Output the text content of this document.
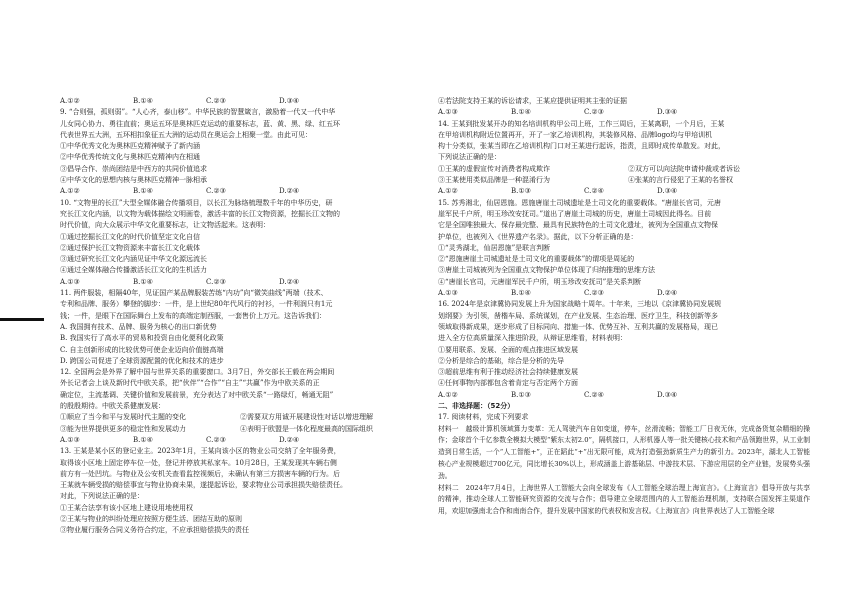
A.①②	B.①④	C.②③	D.③④
9. “合则强，孤则弱”。“人心齐，泰山移”。中华民族的智慧箴言，激励着一代又一代中华
儿女同心协力、勇往直前；奥运五环是奥林匹克运动的重要标志，蓝、黄、黑、绿、红五环
代表世界五大洲，五环相扣象征五大洲的运动员在奥运会上相聚一堂。由此可见：
①中华优秀文化为奥林匹克精神赋予了新内涵
②中华优秀传统文化与奥林匹克精神内在相通
③倡导合作、崇尚团结是中西方的共同价值追求
④中华文化的思想内核与奥林匹克精神一脉相承
A.①②	B.①④	C.②③	D.②④
10. “文物里的长江”大型全媒体融合传播项目，以长江为脉络梳理数千年的中华历史，研
究长江文化内涵，以文物为载体描绘文明画卷，激活丰富的长江文物资源，挖掘长江文物的
时代价值，向大众展示中华文化重要标志，让文物活起来。这表明：
①通过挖掘长江文化的时代价值坚定文化自信
②通过保护长江文物资源来丰富长江文化载体
③通过研究长江文化内涵见证中华文化源远流长
④通过全媒体融合传播激活长江文化的生机活力
A.①③	B.①④	C.②③	D.②④
11. 两件服装，相隔40年，见证国产某品牌服装苦练“内功”向“微笑曲线”两端（技术、
专利和品牌、服务）攀登的脚步：一件，是上世纪80年代风行的衬衫，一件利润只有1元
钱；一件，是眼下在国际舞台上发布的高端定制西服，一套售价上万元。这告诉我们：
A. 我国拥有技术、品牌、服务为核心的出口新优势
B. 我国实行了高水平的贸易和投资自由化便利化政策
C. 自主创新形成的比较优势可使企业迈向价值链高端
D. 跨国公司促进了全球资源配置的优化和技术的进步
12. 全国两会是外界了解中国与世界关系的重要窗口。3月7日，外交部长王毅在两会期间
外长记者会上谈及新时代中欧关系，把“伙伴”“合作”“自主”“共赢”作为中欧关系的正
确定位，主流基调、关键价值和发展前景，充分表达了对中欧关系“一路绿灯，畅通无阻”
的殷殷期待。中欧关系健康发展：
①顺应了当今和平与发展时代主题的变化	②需要双方用诚开展建设性对话以增进理解
③能为世界提供更多的稳定性和发展动力	④表明于欧盟是一体化程度最高的国际组织
A.①③	B.①④	C.②③	D.②④
13. 王某是某小区的登记业主。2023年1月，王某向该小区的物业公司交纳了全年服务费，
取得该小区地上固定停车位一处，登记并停放其私家车。10月28日，王某发现其车辆右侧
前方有一处凹坑。与物业及公安机关查看监控视频后，未确认有第三方损害车辆的行为。后
王某就车辆受损的赔偿事宜与物业协商未果，遂提起诉讼，要求物业公司承担损失赔偿责任。
对此，下列说法正确的是：
①王某合法享有该小区地上建设用地使用权
②王某与物业的纠纷处理应按照方便生活、团结互助的原则
③物业履行服务合同义务符合约定，不应承担赔偿损失的责任
④若法院支持王某的诉讼请求，王某应提供证明其主张的证据
A.①③	B.①④	C.②③	D.③④
14. 王某到批发某开办的知名培训机构甲公司上班，工作三周后，王某离职，一个月后，王某
在甲培训机构附近位置再开，开了一家乙培训机构，其装修风格、品牌logo均与甲培训机
构十分类似，张某当即在乙培训机构门口对王某进行起诉，指责，且即时成传单散发。对此，
下列说法正确的是：
①王某的虚假宣传对消费者构成欺诈	②双方可以向法院申请仲裁或者诉讼
③王某使用类似品牌是一种混淆行为	④张某的言行侵犯了王某的名誉权
A.①②	B.①③	C.②④	D.③④
15. 苏秀湘北，仙居恩施。恩施唐崖土司城遗址是土司文化的重要载体。“唐崖长官司，元唐
崖军民千户所，明玉珍改安抚司。”道出了唐崖土司城的历史，唐崖土司城因此得名。目前
它是全国唯独最大、保存最完整、最具有民族特色的土司文化遗址，被列为全国重点文物保
护单位，也被列入《世界遗产名录》。据此，以下分析正确的是：
①“灵秀湖北，仙居恩施”是联言判断
②“恩施唐崖土司城遗址是土司文化的重要载体”的谓项是周延的
③唐崖土司城被列为全国重点文物保护单位体现了归纳推理的思维方法
④“唐崖长官司，元唐崖军民千户所，明玉珍改安抚司”是关系判断
A.①③	B.①④	C.②③	D.②④
16. 2024年是京津冀协同发展上升为国家战略十周年。十年来，三地以《京津冀协同发展规
划纲要》为引领，凿楷车局、系统谋划，在产业发展、生态治理、医疗卫生，科技创新等多
领域取得新成果，逐步形成了目标同向、措施一体、优势互补、互利共赢的发展格局，现已
进入全方位高质量深入推进阶段，从辩证思维看，材料表明：
①要用联系、发展、全面的观点推进区域发展
②分析是综合的基础，综合是分析的先导
③超前思维有利于推动经济社会持续健康发展
④任何事物内部都包含着肯定与否定两个方面
A.①②	B.①③	C.②④	D.③④
二、非选择题：（52分）
17. 阅读材料，完成下列要求
材料一　越级计算机领域算力变革：无人驾驶汽车自如变道，停车，丝滑流畅；智能工厂日夜无休，完成备货复杂精细的操作；金球首个千亿参数全模拟大模型“紫东太初2.0”，隔机接口，人形机器人等一批关键核心技术和产品领跑世界，从工业制造到日常生活，一个“人工智能+”，正在蹈此“+”出无限可能，成为打造强劲新质生产力的新引力。2023年，湖北人工智能核心产业规模超过700亿元，同比增长30%以上，形成涵盖上游基础层、中游技术层、下游应用层的全产业链，发展势头强劲。
材料二　2024年7月4日，上海世界人工智能大会向全球发布《人工智能全球治理上海宣言》。《上海宣言》倡导开放与共享的精神，推动全球人工智能研究资源的交流与合作；倡导建立全球范围内的人工智能治理机制，支持联合国发挥主渠道作用，欢迎加强南北合作和南南合作，提升发展中国家的代表权和发言权。《上海宣言》向世界表达了人工智能全球
